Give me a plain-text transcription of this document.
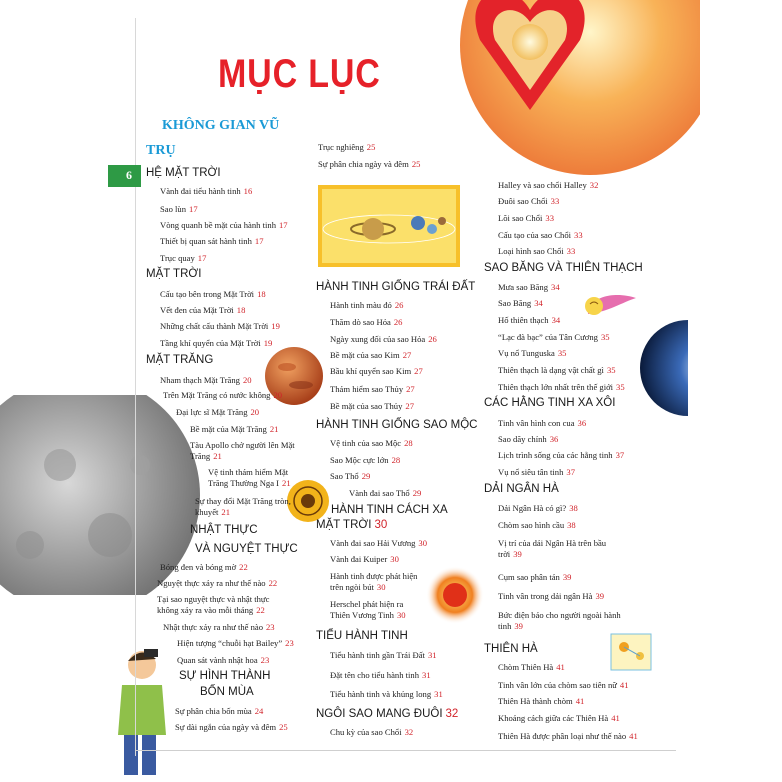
MỤC LỤC
KHÔNG GIAN VŨ
TRỤ
6 HỆ MẶT TRỜI
Vành đai tiểu hành tinh 16
Sao lùn 17
Vòng quanh bề mặt của hành tinh 17
Thiết bị quan sát hành tinh 17
Trục quay 17
MẶT TRỜI
Cấu tạo bên trong Mặt Trời 18
Vết đen của Mặt Trời 18
Những chất cấu thành Mặt Trời 19
Tầng khí quyển của Mặt Trời 19
MẶT TRĂNG
Nham thạch Mặt Trăng 20
Trên Mặt Trăng có nước không 20
Đại lực sĩ Mặt Trăng 20
Bề mặt của Mặt Trăng 21
Tàu Apollo chở người lên Mặt Trăng 21
Vệ tinh thám hiểm Mặt Trăng Thường Nga I 21
Sự thay đổi Mặt Trăng tròn, khuyết 21
NHẬT THỰC
VÀ NGUYỆT THỰC
Bóng đen và bóng mờ 22
Nguyệt thực xảy ra như thế nào 22
Tại sao nguyệt thực và nhật thực không xảy ra vào mỗi tháng 22
Nhật thực xảy ra như thế nào 23
Hiện tượng “chuỗi hạt Bailey” 23
Quan sát vành nhật hoa 23
SỰ HÌNH THÀNH
BỐN MÙA
Sự phân chia bốn mùa 24
Sự dài ngắn của ngày và đêm 25
Trục nghiêng 25
Sự phân chia ngày và đêm 25
HÀNH TINH GIỐNG TRÁI ĐẤT
Hành tinh màu đỏ 26
Thăm dò sao Hỏa 26
Ngày xung đối của sao Hỏa 26
Bề mặt của sao Kim 27
Bầu khí quyển sao Kim 27
Thám hiểm sao Thủy 27
Bề mặt của sao Thủy 27
HÀNH TINH GIỐNG SAO MỘC
Vệ tinh của sao Mộc 28
Sao Mộc cực lớn 28
Sao Thổ 29
Vành đai sao Thổ 29
HÀNH TINH CÁCH XA
MẶT TRỜI 30
Vành đai sao Hải Vương 30
Vành đai Kuiper 30
Hành tinh được phát hiện trên ngòi bút 30
Herschel phát hiện ra Thiên Vương Tinh 30
TIỂU HÀNH TINH
Tiểu hành tinh gần Trái Đất 31
Đặt tên cho tiểu hành tinh 31
Tiểu hành tinh và khủng long 31
NGÔI SAO MANG ĐUÔI 32
Chu kỳ của sao Chổi 32
Halley và sao chổi Halley 32
Đuôi sao Chổi 33
Lõi sao Chổi 33
Cấu tạo của sao Chổi 33
Loại hình sao Chổi 33
SAO BĂNG VÀ THIÊN THẠCH
Mưa sao Băng 34
Sao Băng 34
Hố thiên thạch 34
“Lạc đà bạc” của Tân Cương 35
Vụ nổ Tunguska 35
Thiên thạch là dạng vật chất gì 35
Thiên thạch lớn nhất trên thế giới 35
CÁC HẰNG TINH XA XÔI
Tinh vân hình con cua 36
Sao dãy chính 36
Lịch trình sống của các hằng tinh 37
Vụ nổ siêu tân tinh 37
DẢI NGÂN HÀ
Dải Ngân Hà có gì? 38
Chòm sao hình cầu 38
Vị trí của dải Ngân Hà trên bầu trời 39
Cụm sao phân tán 39
Tinh vân trong dải ngân Hà 39
Bức điện báo cho người ngoài hành tinh 39
THIÊN HÀ
Chòm Thiên Hà 41
Tinh vân lớn của chòm sao tiên nữ 41
Thiên Hà thành chòm 41
Khoảng cách giữa các Thiên Hà 41
Thiên Hà được phân loại như thế nào 41
